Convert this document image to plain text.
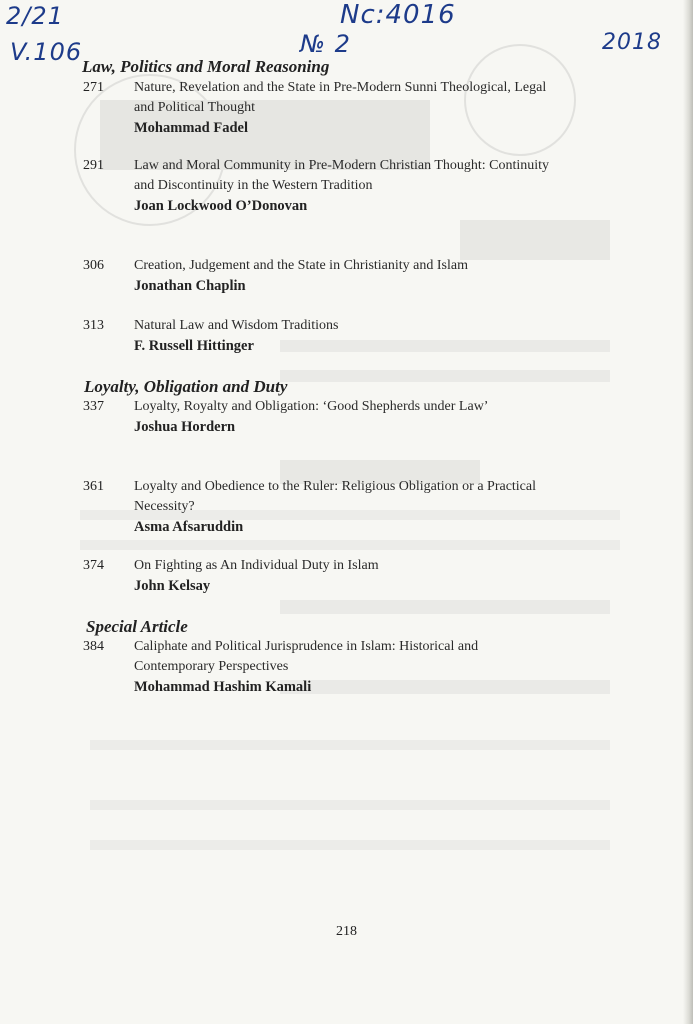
2/21
V.106
Nc:4016
№ 2	2018
Law, Politics and Moral Reasoning
271 Nature, Revelation and the State in Pre-Modern Sunni Theological, Legal and Political Thought
Mohammad Fadel
291 Law and Moral Community in Pre-Modern Christian Thought: Continuity and Discontinuity in the Western Tradition
Joan Lockwood O’Donovan
306 Creation, Judgement and the State in Christianity and Islam
Jonathan Chaplin
313 Natural Law and Wisdom Traditions
F. Russell Hittinger
Loyalty, Obligation and Duty
337 Loyalty, Royalty and Obligation: ‘Good Shepherds under Law’
Joshua Hordern
361 Loyalty and Obedience to the Ruler: Religious Obligation or a Practical Necessity?
Asma Afsaruddin
374 On Fighting as An Individual Duty in Islam
John Kelsay
Special Article
384 Caliphate and Political Jurisprudence in Islam: Historical and Contemporary Perspectives
Mohammad Hashim Kamali
218
